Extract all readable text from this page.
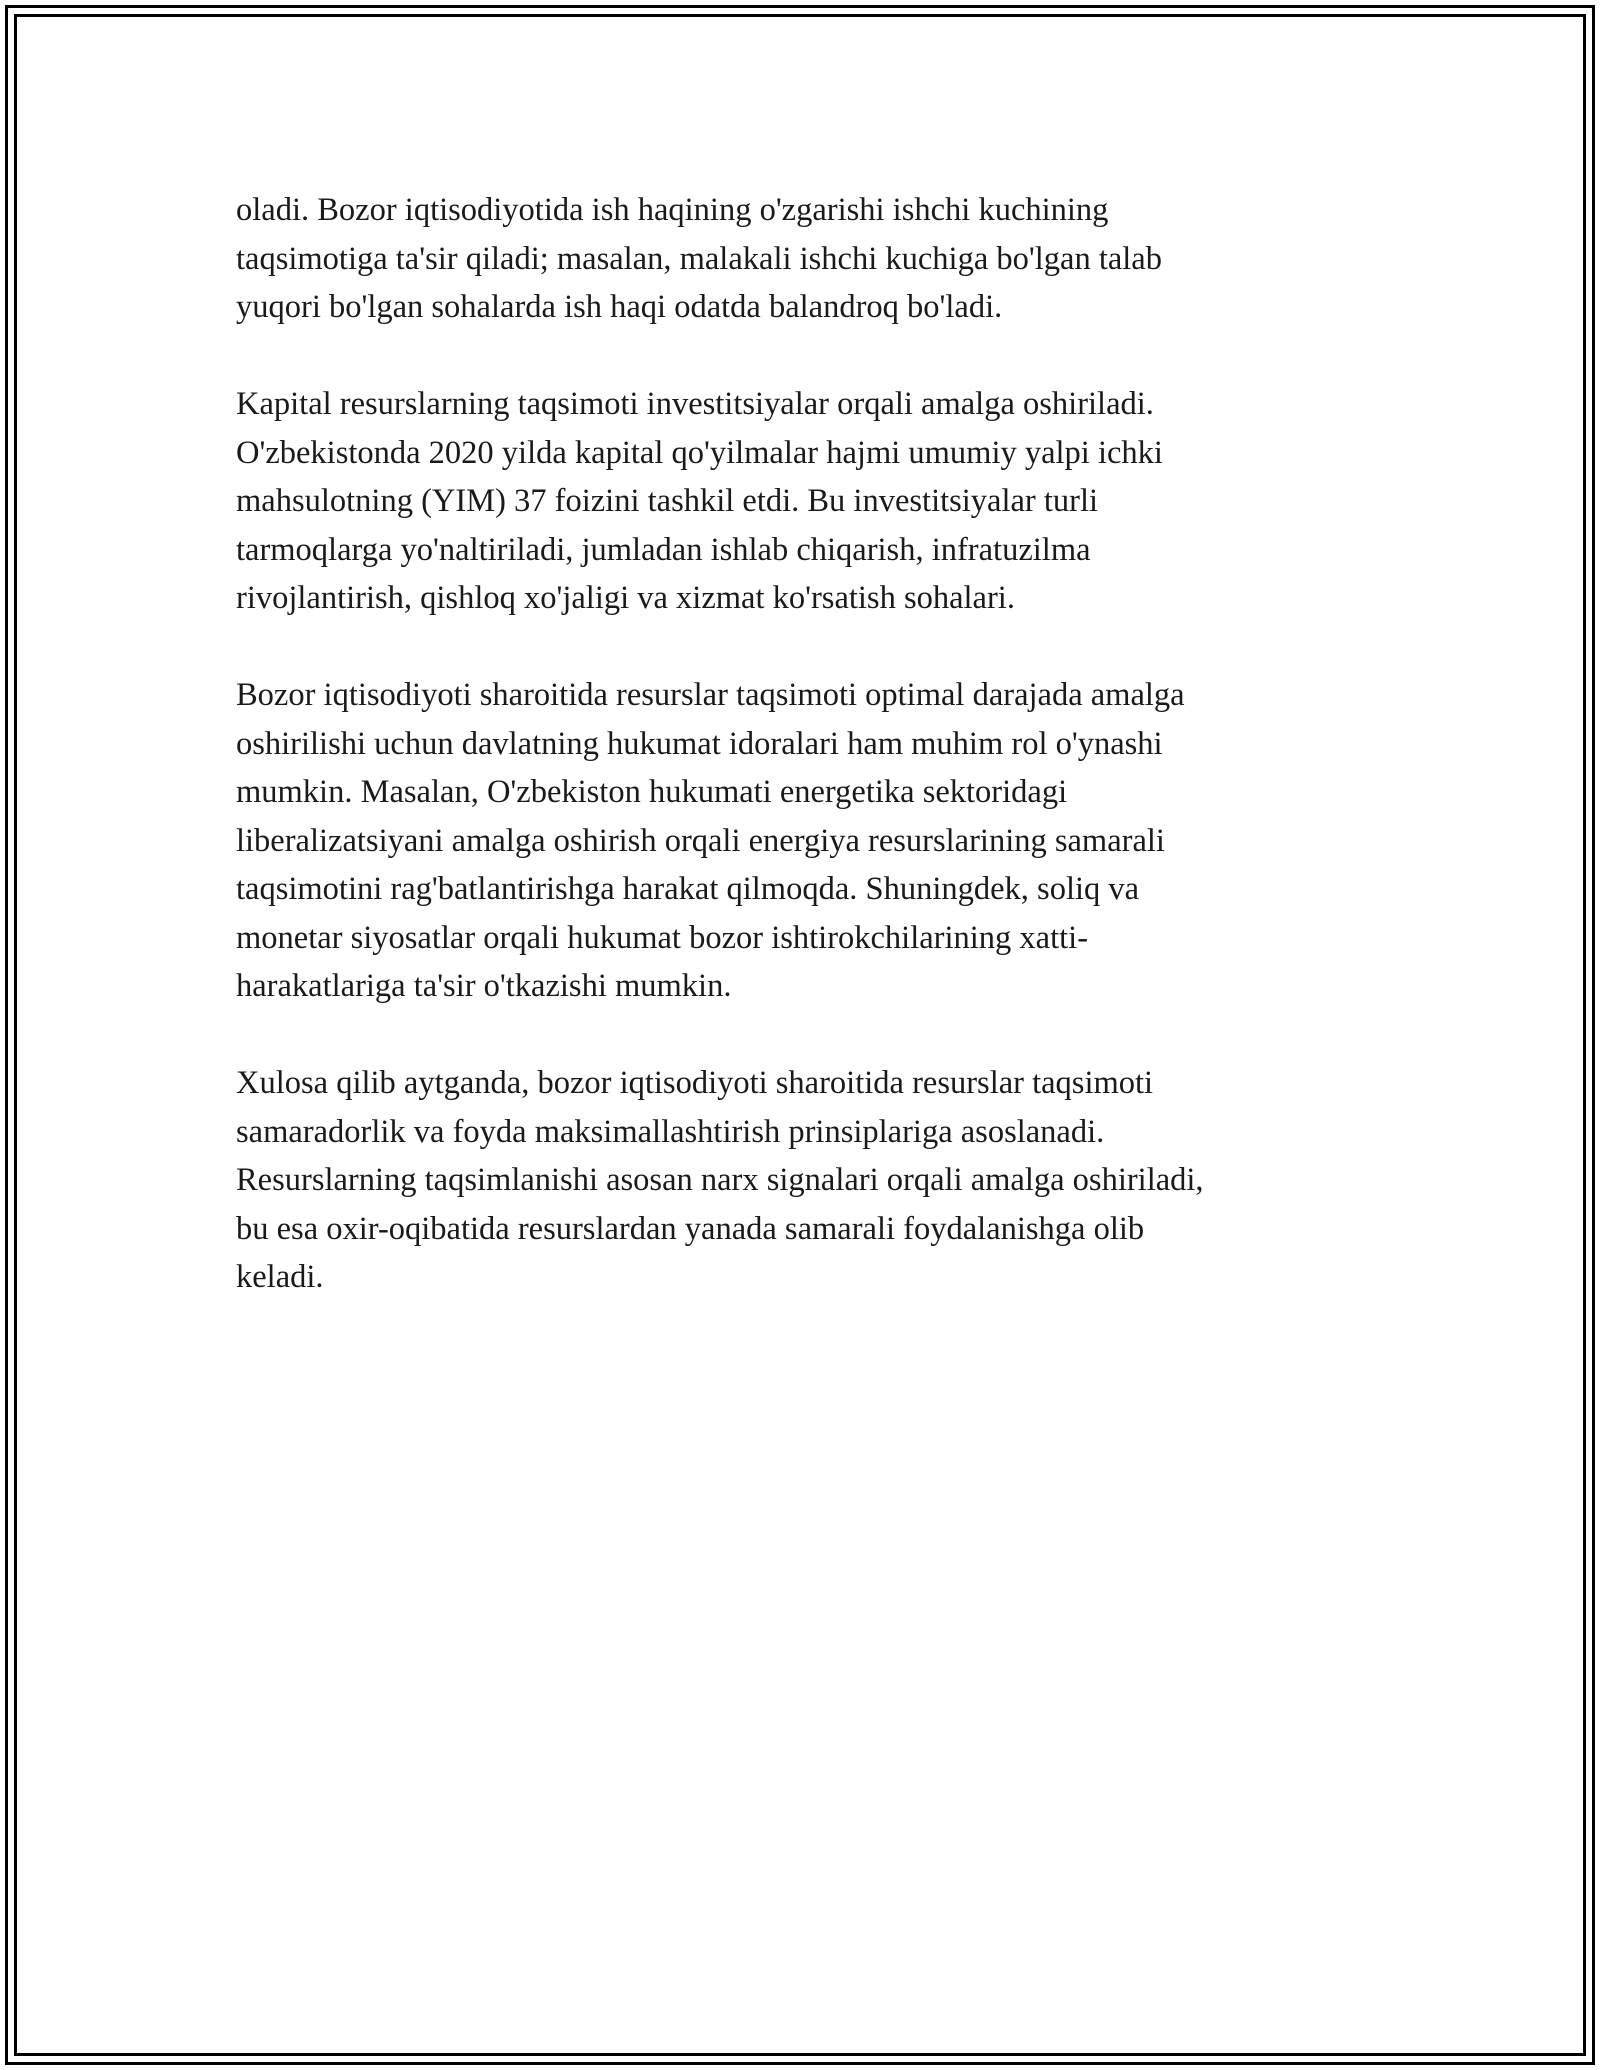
oladi. Bozor iqtisodiyotida ish haqining o'zgarishi ishchi kuchining
taqsimotiga ta'sir qiladi; masalan, malakali ishchi kuchiga bo'lgan talab
yuqori bo'lgan sohalarda ish haqi odatda balandroq bo'ladi.

Kapital resurslarning taqsimoti investitsiyalar orqali amalga oshiriladi.
O'zbekistonda 2020 yilda kapital qo'yilmalar hajmi umumiy yalpi ichki
mahsulotning (YIM) 37 foizini tashkil etdi. Bu investitsiyalar turli
tarmoqlarga yo'naltiriladi, jumladan ishlab chiqarish, infratuzilma
rivojlantirish, qishloq xo'jaligi va xizmat ko'rsatish sohalari.

Bozor iqtisodiyoti sharoitida resurslar taqsimoti optimal darajada amalga
oshirilishi uchun davlatning hukumat idoralari ham muhim rol o'ynashi
mumkin. Masalan, O'zbekiston hukumati energetika sektoridagi
liberalizatsiyani amalga oshirish orqali energiya resurslarining samarali
taqsimotini rag'batlantirishga harakat qilmoqda. Shuningdek, soliq va
monetar siyosatlar orqali hukumat bozor ishtirokchilarining xatti-
harakatlariga ta'sir o'tkazishi mumkin.

Xulosa qilib aytganda, bozor iqtisodiyoti sharoitida resurslar taqsimoti
samaradorlik va foyda maksimallashtirish prinsiplariga asoslanadi.
Resurslarning taqsimlanishi asosan narx signalari orqali amalga oshiriladi,
bu esa oxir-oqibatida resurslardan yanada samarali foydalanishga olib
keladi.
